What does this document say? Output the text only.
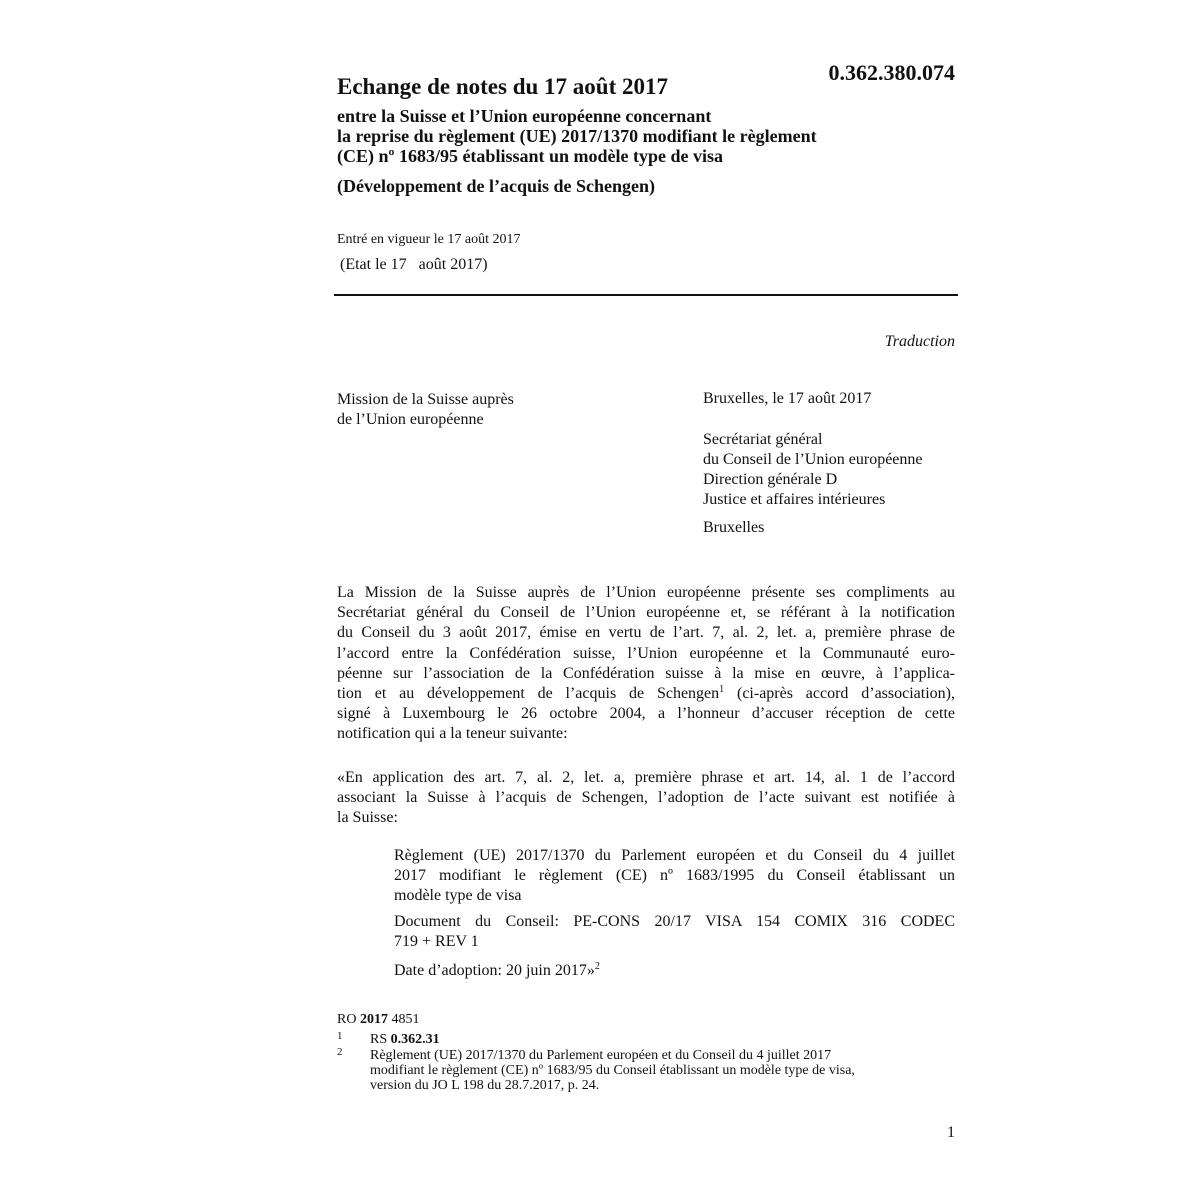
0.362.380.074
Echange de notes du 17 août 2017
entre la Suisse et l’Union européenne concernant
la reprise du règlement (UE) 2017/1370 modifiant le règlement
(CE) nº 1683/95 établissant un modèle type de visa
(Développement de l’acquis de Schengen)
Entré en vigueur le 17 août 2017
(Etat le 17   août 2017)
Traduction
Mission de la Suisse auprès
de l’Union européenne
Bruxelles, le 17 août 2017
Secrétariat général
du Conseil de l’Union européenne
Direction générale D
Justice et affaires intérieures
Bruxelles
La Mission de la Suisse auprès de l’Union européenne présente ses compliments au
Secrétariat général du Conseil de l’Union européenne et, se référant à la notification
du Conseil du 3 août 2017, émise en vertu de l’art. 7, al. 2, let. a, première phrase de
l’accord entre la Confédération suisse, l’Union européenne et la Communauté euro-
péenne sur l’association de la Confédération suisse à la mise en œuvre, à l’applica-
tion et au développement de l’acquis de Schengen$^1$ (ci-après accord d’association),
signé à Luxembourg le 26 octobre 2004, a l’honneur d’accuser réception de cette
notification qui a la teneur suivante:
«En application des art. 7, al. 2, let. a, première phrase et art. 14, al. 1 de l’accord
associant la Suisse à l’acquis de Schengen, l’adoption de l’acte suivant est notifiée à
la Suisse:
Règlement (UE) 2017/1370 du Parlement européen et du Conseil du 4 juillet
2017 modifiant le règlement (CE) nº 1683/1995 du Conseil établissant un
modèle type de visa
Document du Conseil: PE-CONS 20/17 VISA 154 COMIX 316 CODEC
719 + REV 1
Date d’adoption: 20 juin 2017»$^2$
RO 2017 4851
1 RS 0.362.31
2 Règlement (UE) 2017/1370 du Parlement européen et du Conseil du 4 juillet 2017
modifiant le règlement (CE) nº 1683/95 du Conseil établissant un modèle type de visa,
version du JO L 198 du 28.7.2017, p. 24.
1
